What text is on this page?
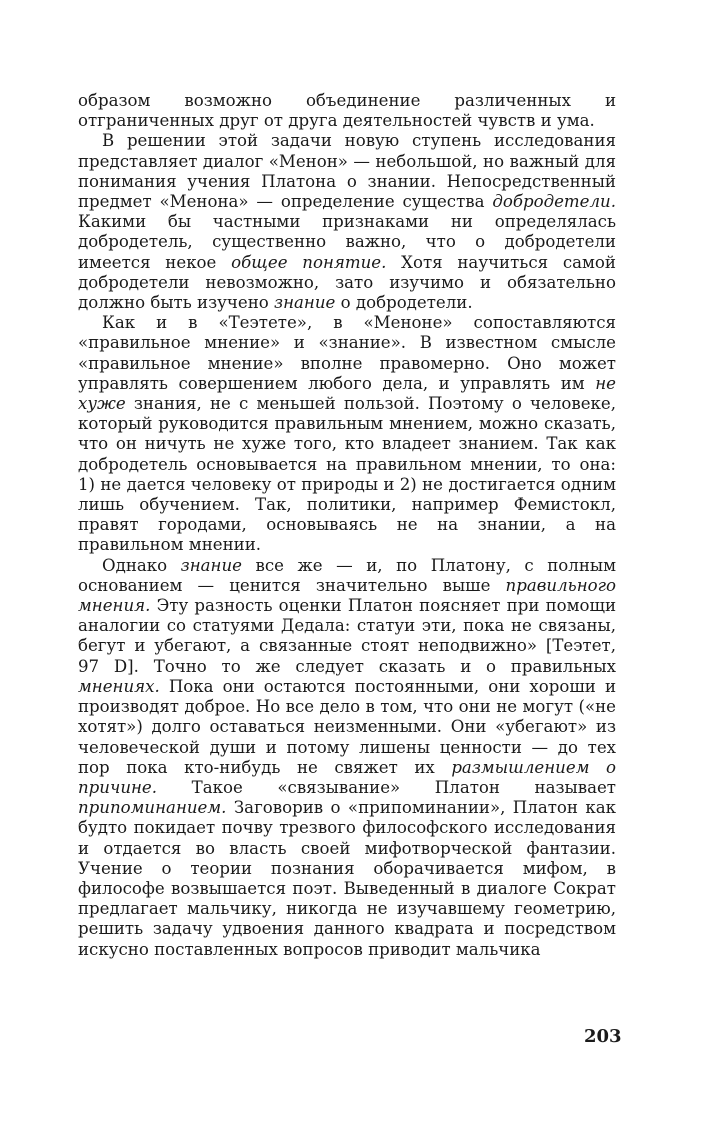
образом возможно объединение различенных и отграниченных друг от друга деятельностей чувств и ума.

В решении этой задачи новую ступень исследования представляет диалог «Менон» — небольшой, но важный для понимания учения Платона о знании. Непосредственный предмет «Менона» — определение существа добродетели. Какими бы частными признаками ни определялась добродетель, существенно важно, что о добродетели имеется некое общее понятие. Хотя научиться самой добродетели невозможно, зато изучимо и обязательно должно быть изучено знание о добродетели.

Как и в «Теэтете», в «Меноне» сопоставляются «правильное мнение» и «знание». В известном смысле «правильное мнение» вполне правомерно. Оно может управлять совершением любого дела, и управлять им не хуже знания, не с меньшей пользой. Поэтому о человеке, который руководится правильным мнением, можно сказать, что он ничуть не хуже того, кто владеет знанием. Так как добродетель основывается на правильном мнении, то она: 1) не дается человеку от природы и 2) не достигается одним лишь обучением. Так, политики, например Фемистокл, правят городами, основываясь не на знании, а на правильном мнении.

Однако знание все же — и, по Платону, с полным основанием — ценится значительно выше правильного мнения. Эту разность оценки Платон поясняет при помощи аналогии со статуями Дедала: статуи эти, пока не связаны, бегут и убегают, а связанные стоят неподвижно» [Теэтет, 97 D]. Точно то же следует сказать и о правильных мнениях. Пока они остаются постоянными, они хороши и производят доброе. Но все дело в том, что они не могут («не хотят») долго оставаться неизменными. Они «убегают» из человеческой души и потому лишены ценности — до тех пор пока кто-нибудь не свяжет их размышлением о причине. Такое «связывание» Платон называет припоминанием. Заговорив о «припоминании», Платон как будто покидает почву трезвого философского исследования и отдается во власть своей мифотворческой фантазии. Учение о теории познания оборачивается мифом, в философе возвышается поэт. Выведенный в диалоге Сократ предлагает мальчику, никогда не изучавшему геометрию, решить задачу удвоения данного квадрата и посредством искусно поставленных вопросов приводит мальчика

203
